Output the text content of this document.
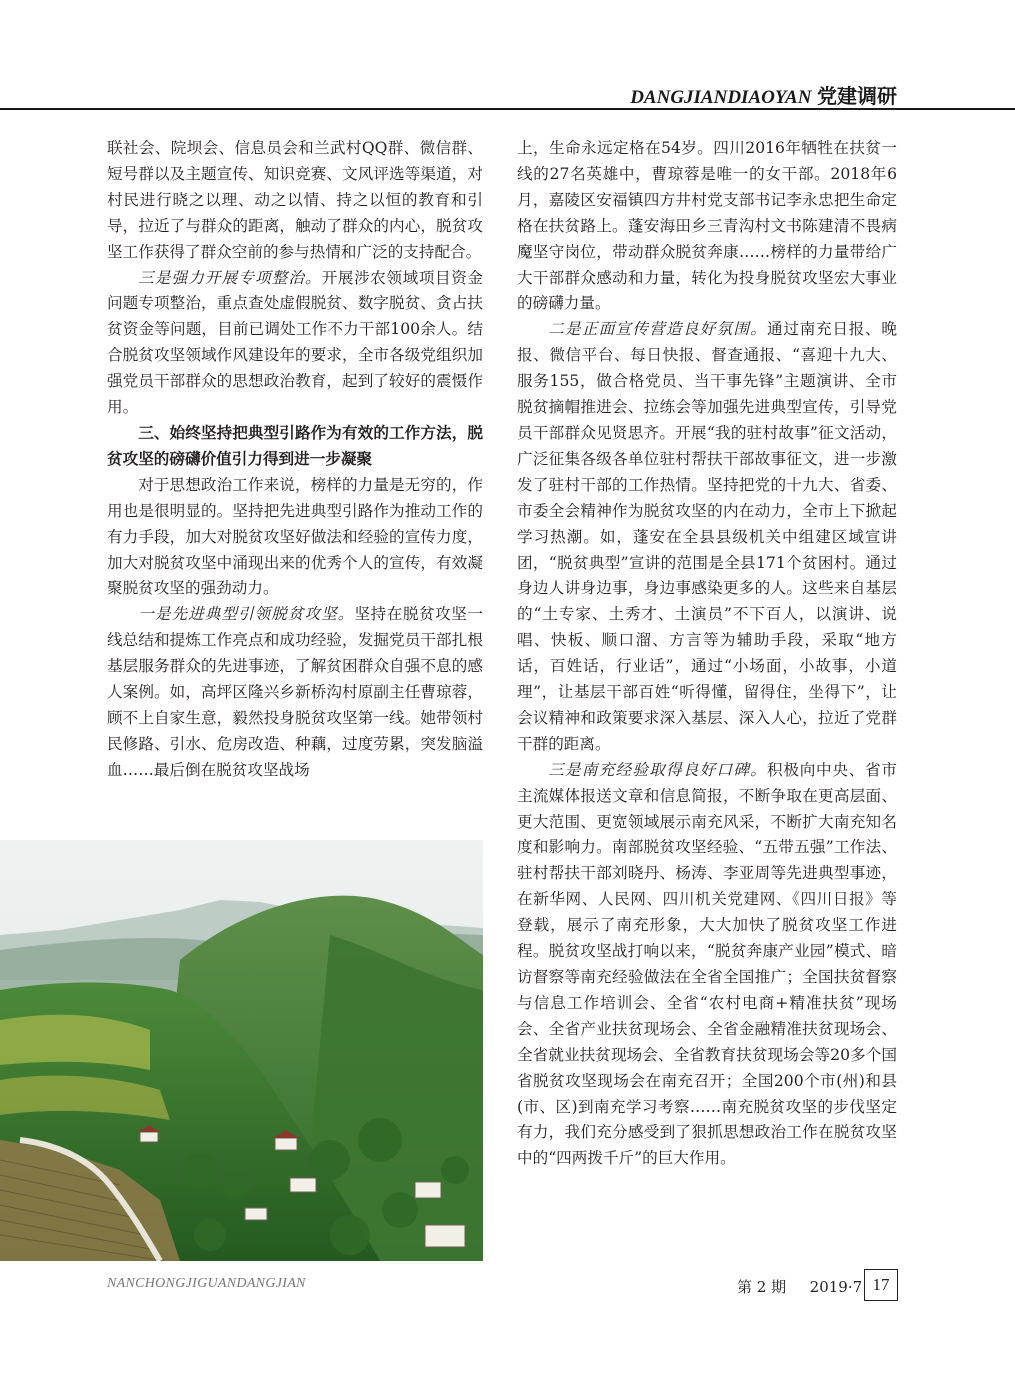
DANGJIANDIAOYAN 党建调研

联社会、院坝会、信息员会和兰武村QQ群、微信群、短号群以及主题宣传、知识竞赛、文风评选等渠道，对村民进行晓之以理、动之以情、持之以恒的教育和引导，拉近了与群众的距离，触动了群众的内心，脱贫攻坚工作获得了群众空前的参与热情和广泛的支持配合。

三是强力开展专项整治。开展涉农领域项目资金问题专项整治，重点查处虚假脱贫、数字脱贫、贪占扶贫资金等问题，目前已调处工作不力干部100余人。结合脱贫攻坚领域作风建设年的要求，全市各级党组织加强党员干部群众的思想政治教育，起到了较好的震慑作用。

三、始终坚持把典型引路作为有效的工作方法，脱贫攻坚的磅礴价值引力得到进一步凝聚

对于思想政治工作来说，榜样的力量是无穷的，作用也是很明显的。坚持把先进典型引路作为推动工作的有力手段，加大对脱贫攻坚好做法和经验的宣传力度，加大对脱贫攻坚中涌现出来的优秀个人的宣传，有效凝聚脱贫攻坚的强劲动力。

一是先进典型引领脱贫攻坚。坚持在脱贫攻坚一线总结和提炼工作亮点和成功经验，发掘党员干部扎根基层服务群众的先进事迹，了解贫困群众自强不息的感人案例。如，高坪区隆兴乡新桥沟村原副主任曹琼蓉，顾不上自家生意，毅然投身脱贫攻坚第一线。她带领村民修路、引水、危房改造、种藕，过度劳累，突发脑溢血……最后倒在脱贫攻坚战场

上，生命永远定格在54岁。四川2016年牺牲在扶贫一线的27名英雄中，曹琼蓉是唯一的女干部。2018年6月，嘉陵区安福镇四方井村党支部书记李永忠把生命定格在扶贫路上。蓬安海田乡三青沟村文书陈建清不畏病魔坚守岗位，带动群众脱贫奔康……榜样的力量带给广大干部群众感动和力量，转化为投身脱贫攻坚宏大事业的磅礴力量。

二是正面宣传营造良好氛围。通过南充日报、晚报、微信平台、每日快报、督查通报、“喜迎十九大、服务155，做合格党员、当干事先锋”主题演讲、全市脱贫摘帽推进会、拉练会等加强先进典型宣传，引导党员干部群众见贤思齐。开展“我的驻村故事”征文活动，广泛征集各级各单位驻村帮扶干部故事征文，进一步激发了驻村干部的工作热情。坚持把党的十九大、省委、市委全会精神作为脱贫攻坚的内在动力，全市上下掀起学习热潮。如，蓬安在全县县级机关中组建区域宣讲团，“脱贫典型”宣讲的范围是全县171个贫困村。通过身边人讲身边事，身边事感染更多的人。这些来自基层的“土专家、土秀才、土演员”不下百人，以演讲、说唱、快板、顺口溜、方言等为辅助手段，采取“地方话，百姓话，行业话”，通过“小场面，小故事，小道理”，让基层干部百姓“听得懂，留得住，坐得下”，让会议精神和政策要求深入基层、深入人心，拉近了党群干群的距离。

三是南充经验取得良好口碑。积极向中央、省市主流媒体报送文章和信息简报，不断争取在更高层面、更大范围、更宽领域展示南充风采，不断扩大南充知名度和影响力。南部脱贫攻坚经验、“五带五强”工作法、驻村帮扶干部刘晓丹、杨涛、李亚周等先进典型事迹，在新华网、人民网、四川机关党建网、《四川日报》等登载，展示了南充形象，大大加快了脱贫攻坚工作进程。脱贫攻坚战打响以来，“脱贫奔康产业园”模式、暗访督察等南充经验做法在全省全国推广；全国扶贫督察与信息工作培训会、全省“农村电商+精准扶贫”现场会、全省产业扶贫现场会、全省金融精准扶贫现场会、全省就业扶贫现场会、全省教育扶贫现场会等20多个国省脱贫攻坚现场会在南充召开；全国200个市(州)和县(市、区)到南充学习考察……南充脱贫攻坚的步伐坚定有力，我们充分感受到了狠抓思想政治工作在脱贫攻坚中的“四两拨千斤”的巨大作用。

NANCHONGJIGUANDANGJIAN	第 2 期 2019·7 17
